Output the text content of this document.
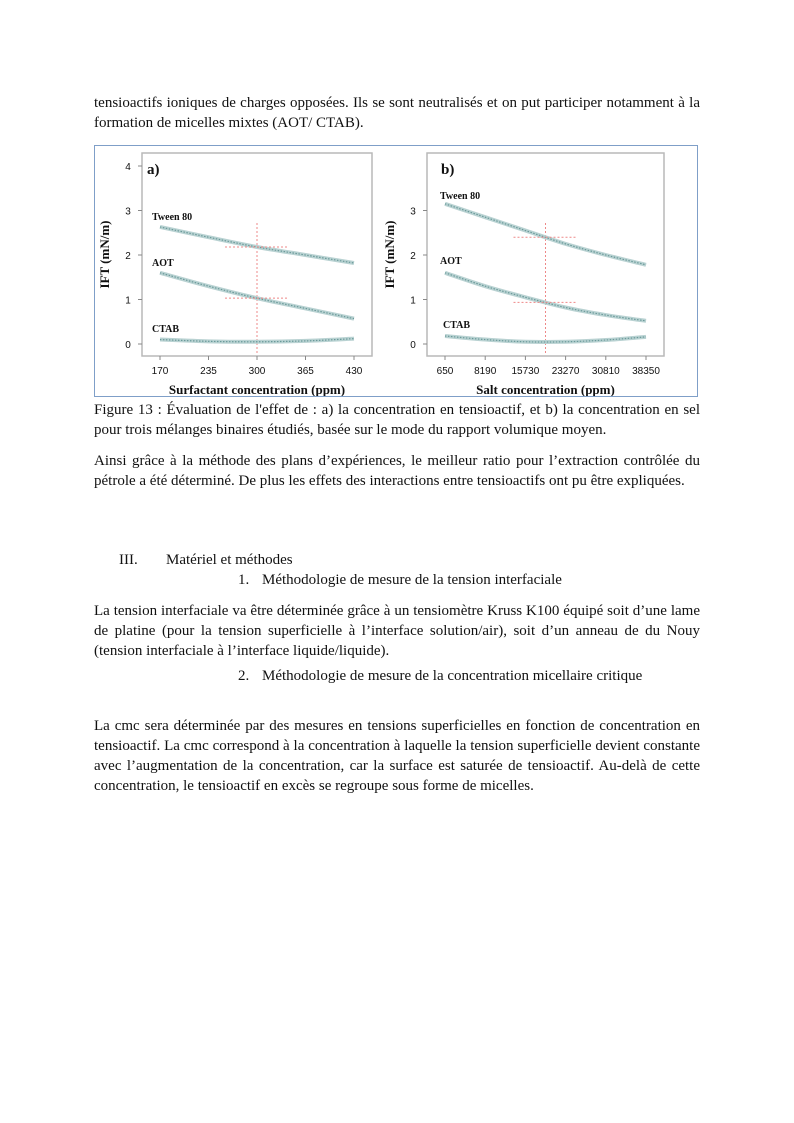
tensioactifs ioniques de charges opposées. Ils se sont neutralisés et on put participer notamment à la formation de micelles mixtes (AOT/ CTAB).

0
1
2
3
4
170	235	300	365	430
Surfactant concentration (ppm)
IFT (mN/m)
a)
Tween 80
AOT
CTAB
0
1
2
3
650 8190 15730 23270 30810 38350
Salt concentration (ppm)
IFT (mN/m)
b)
Tween 80
AOT
CTAB

Figure 13 : Évaluation de l'effet de : a) la concentration en tensioactif, et b) la concentration en sel pour trois mélanges binaires étudiés, basée sur le mode du rapport volumique moyen.

Ainsi grâce à la méthode des plans d’expériences, le meilleur ratio pour l’extraction contrôlée du pétrole a été déterminé. De plus les effets des interactions entre tensioactifs ont pu être expliquées.

III. Matériel et méthodes

1. Méthodologie de mesure de la tension interfaciale

La tension interfaciale va être déterminée grâce à un tensiomètre Kruss K100 équipé soit d’une lame de platine (pour la tension superficielle à l’interface solution/air), soit d’un anneau de du Nouy (tension interfaciale à l’interface liquide/liquide).

2. Méthodologie de mesure de la concentration micellaire critique

La cmc sera déterminée par des mesures en tensions superficielles en fonction de concentration en tensioactif. La cmc correspond à la concentration à laquelle la tension superficielle devient constante avec l’augmentation de la concentration, car la surface est saturée de tensioactif. Au-delà de cette concentration, le tensioactif en excès se regroupe sous forme de micelles.
